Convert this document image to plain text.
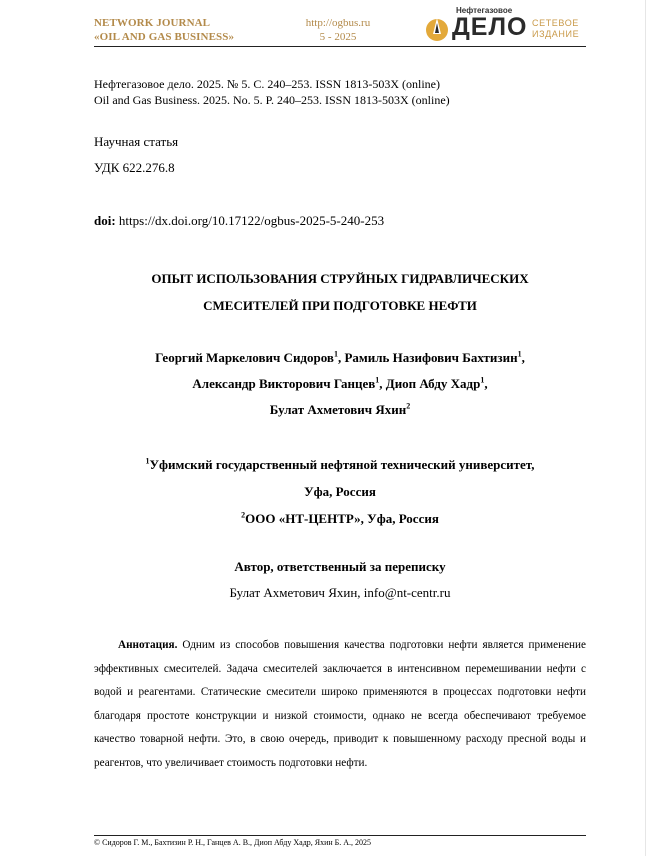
NETWORK JOURNAL
«OIL AND GAS BUSINESS»
http://ogbus.ru
5 - 2025
Нефтегазовое
ДЕЛО СЕТЕВОЕ
ИЗДАНИЕ
Нефтегазовое дело. 2025. № 5. С. 240–253. ISSN 1813-503X (online)
Oil and Gas Business. 2025. No. 5. P. 240–253. ISSN 1813-503X (online)
Научная статья
УДК 622.276.8
doi: https://dx.doi.org/10.17122/ogbus-2025-5-240-253
ОПЫТ ИСПОЛЬЗОВАНИЯ СТРУЙНЫХ ГИДРАВЛИЧЕСКИХ
СМЕСИТЕЛЕЙ ПРИ ПОДГОТОВКЕ НЕФТИ
Георгий Маркелович Сидоров$^1$, Рамиль Назифович Бахтизин$^1$,
Александр Викторович Ганцев$^1$, Диоп Абду Хадр$^1$,
Булат Ахметович Яхин$^2$
$^1$Уфимский государственный нефтяной технический университет,
Уфа, Россия
$^2$ООО «НТ-ЦЕНТР», Уфа, Россия
Автор, ответственный за переписку
Булат Ахметович Яхин, info@nt-centr.ru
Аннотация. Одним из способов повышения качества подготовки нефти является применение эффективных смесителей. Задача смесителей заключается в интенсивном перемешивании нефти с водой и реагентами. Статические смесители широко применяются в процессах подготовки нефти благодаря простоте конструкции и низкой стоимости, однако не всегда обеспечивают требуемое качество товарной нефти. Это, в свою очередь, приводит к повышенному расходу пресной воды и реагентов, что увеличивает стоимость подготовки нефти.
© Сидоров Г. М., Бахтизин Р. Н., Ганцев А. В., Диоп Абду Хадр, Яхин Б. А., 2025
